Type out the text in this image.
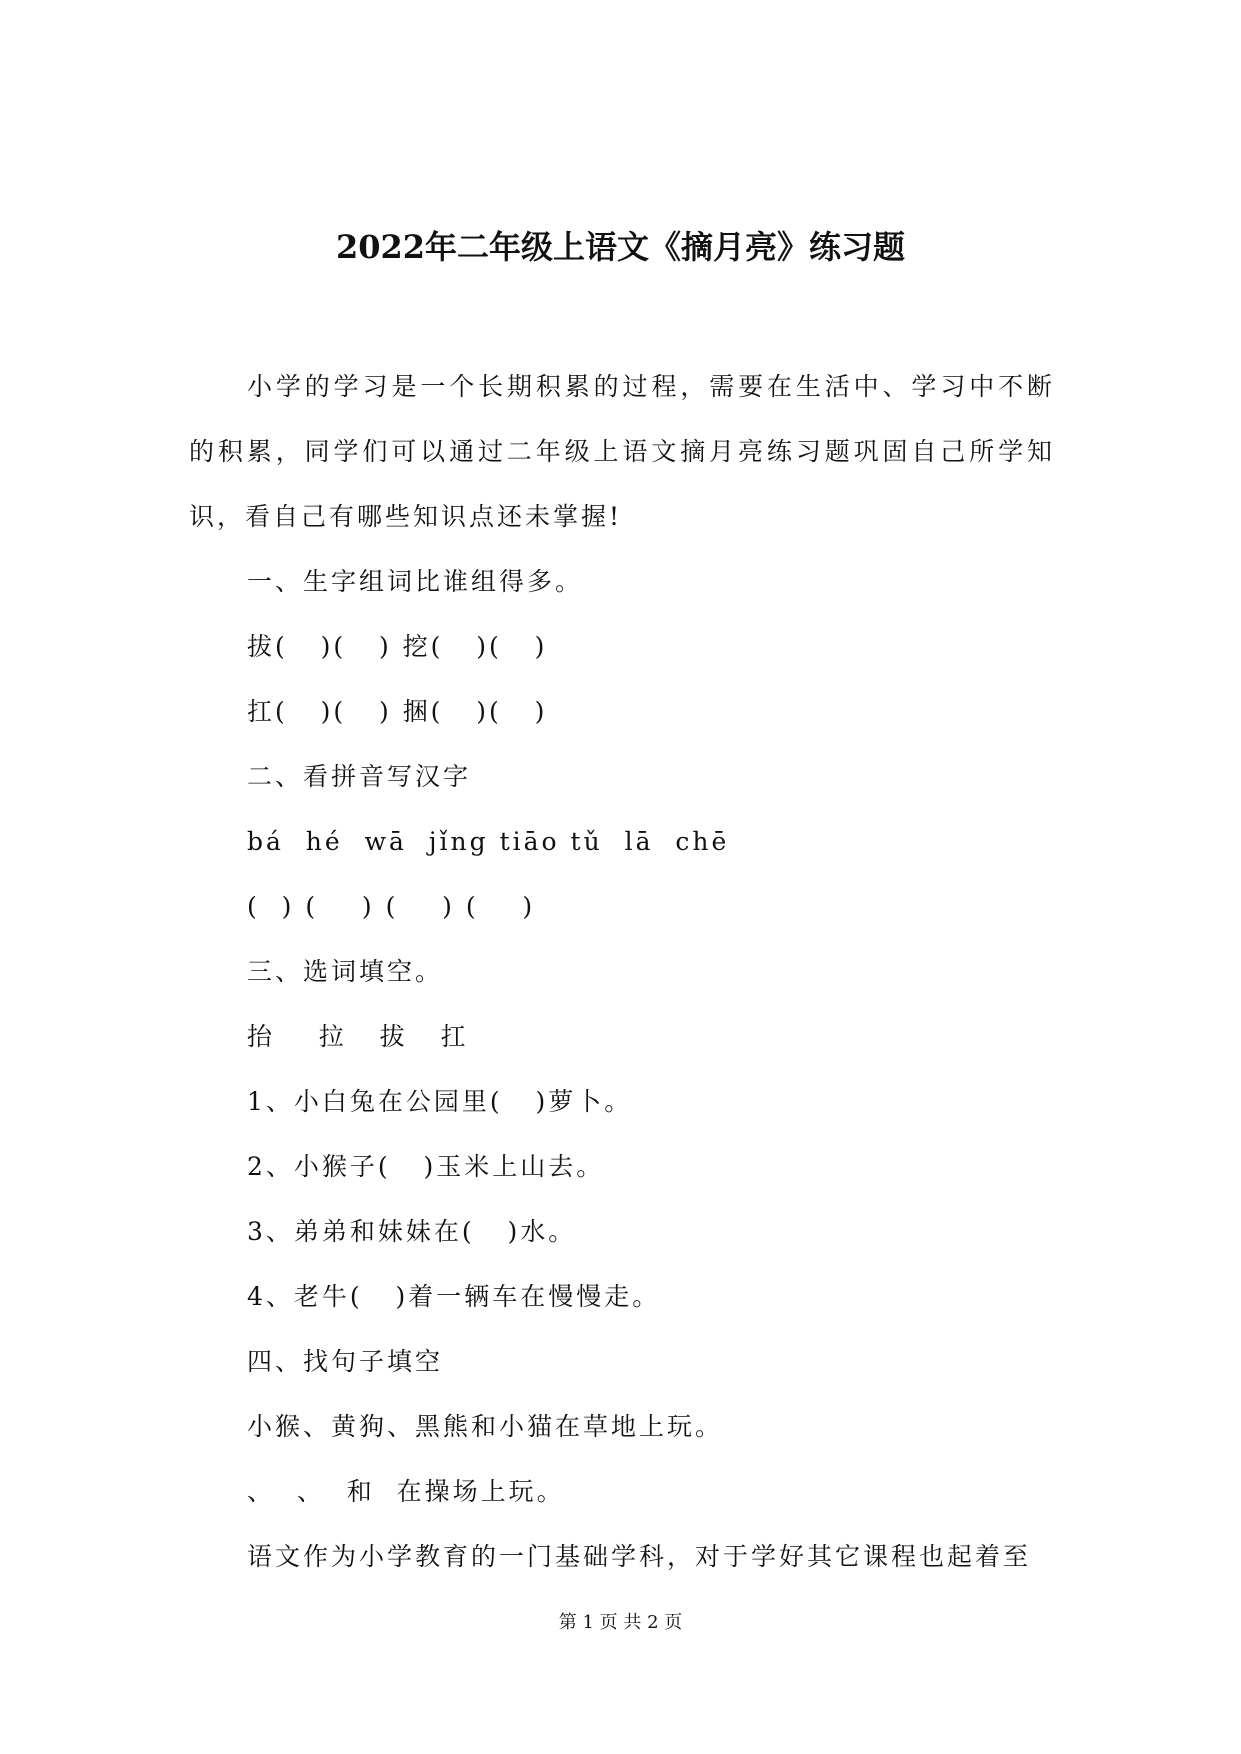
2022年二年级上语文《摘月亮》练习题

小学的学习是一个长期积累的过程，需要在生活中、学习中不断的积累，同学们可以通过二年级上语文摘月亮练习题巩固自己所学知识，看自己有哪些知识点还未掌握!

一、生字组词比谁组得多。

拔(   )(   ) 挖(   )(   )

扛(   )(   ) 捆(   )(   )

二、看拼音写汉字

bá  hé  wā  jǐng tiāo tǔ  lā  chē

(  ) (    ) (    ) (    )

三、选词填空。

抬    拉   拔   扛

1、小白兔在公园里(   )萝卜。

2、小猴子(   )玉米上山去。

3、弟弟和妹妹在(   )水。

4、老牛(   )着一辆车在慢慢走。

四、找句子填空

小猴、黄狗、黑熊和小猫在草地上玩。

、  、  和  在操场上玩。

语文作为小学教育的一门基础学科，对于学好其它课程也起着至

第 1 页 共 2 页
